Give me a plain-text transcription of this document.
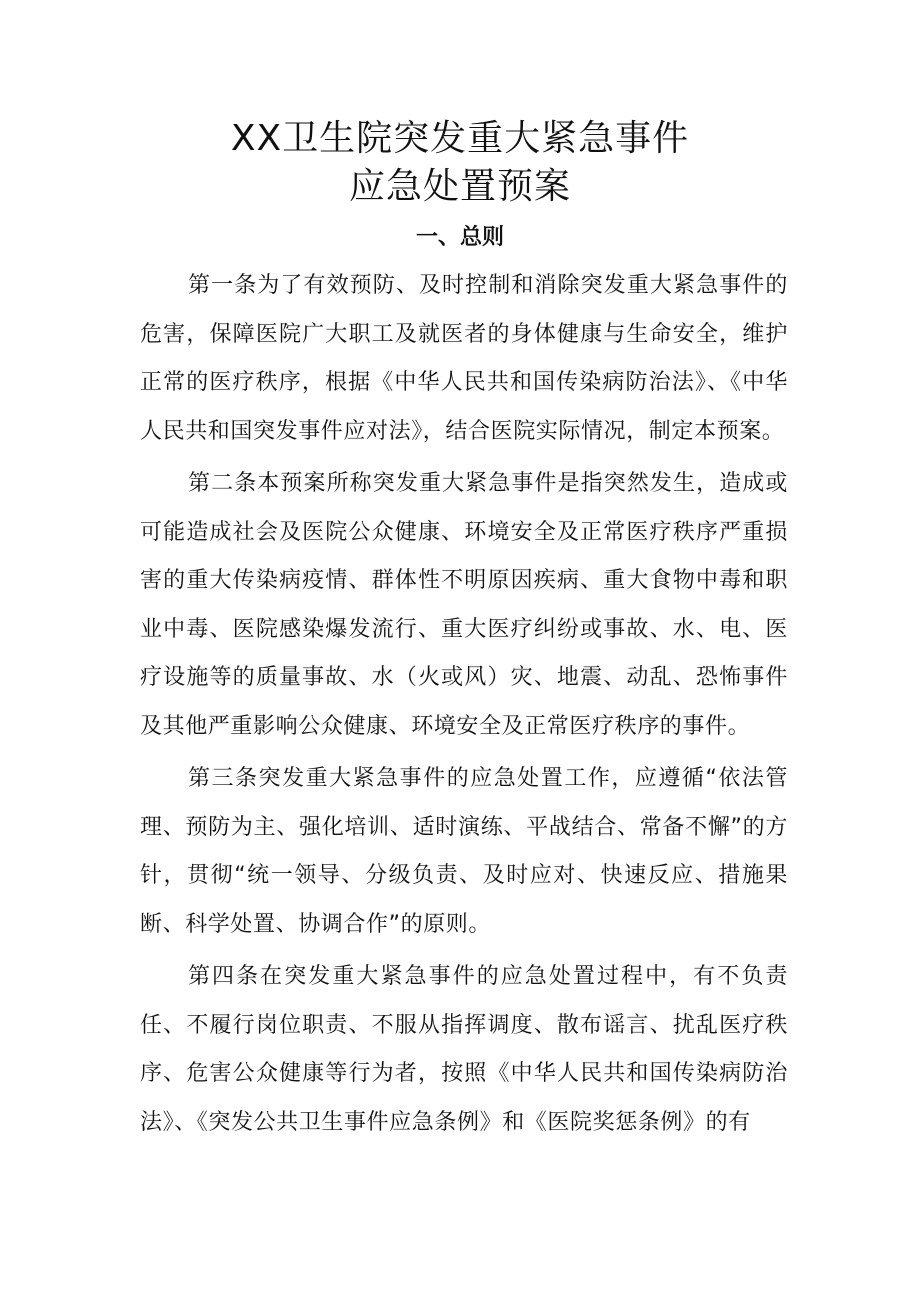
XX卫生院突发重大紧急事件
应急处置预案
一、总则

第一条为了有效预防、及时控制和消除突发重大紧急事件的危害，保障医院广大职工及就医者的身体健康与生命安全，维护正常的医疗秩序，根据《中华人民共和国传染病防治法》、《中华人民共和国突发事件应对法》，结合医院实际情况，制定本预案。

第二条本预案所称突发重大紧急事件是指突然发生，造成或可能造成社会及医院公众健康、环境安全及正常医疗秩序严重损害的重大传染病疫情、群体性不明原因疾病、重大食物中毒和职业中毒、医院感染爆发流行、重大医疗纠纷或事故、水、电、医疗设施等的质量事故、水（火或风）灾、地震、动乱、恐怖事件及其他严重影响公众健康、环境安全及正常医疗秩序的事件。

第三条突发重大紧急事件的应急处置工作，应遵循“依法管理、预防为主、强化培训、适时演练、平战结合、常备不懈”的方针，贯彻“统一领导、分级负责、及时应对、快速反应、措施果断、科学处置、协调合作”的原则。

第四条在突发重大紧急事件的应急处置过程中，有不负责任、不履行岗位职责、不服从指挥调度、散布谣言、扰乱医疗秩序、危害公众健康等行为者，按照《中华人民共和国传染病防治法》、《突发公共卫生事件应急条例》和《医院奖惩条例》的有
